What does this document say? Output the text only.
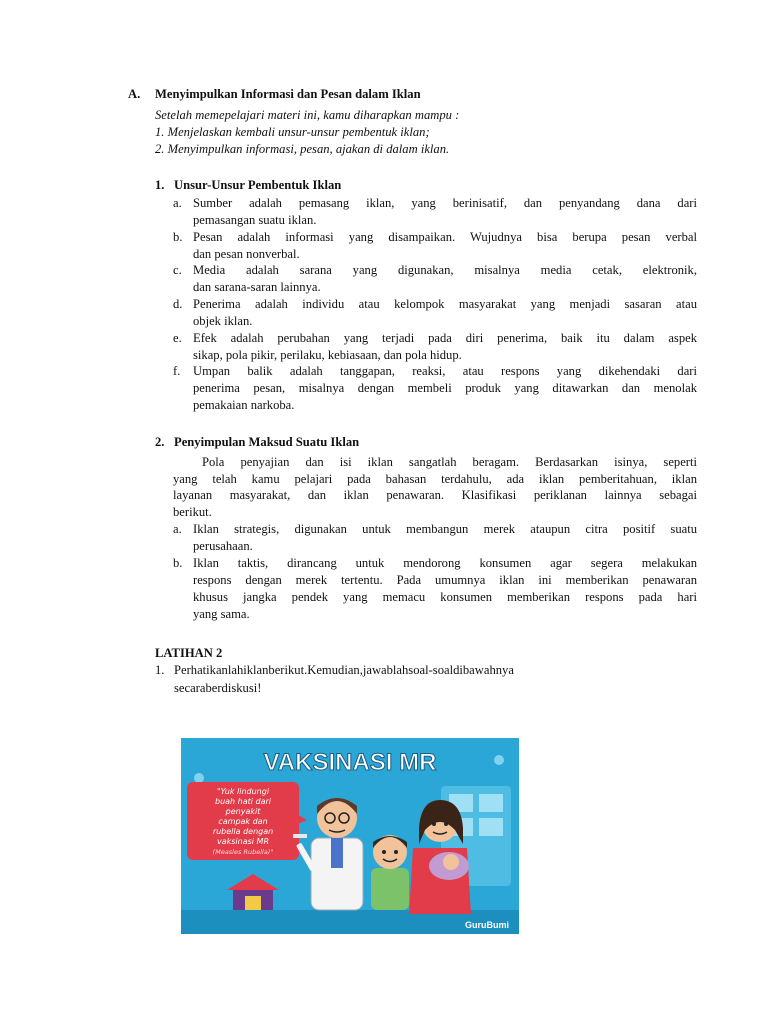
A. Menyimpulkan Informasi dan Pesan dalam Iklan
Setelah memepelajari materi ini, kamu diharapkan mampu :
1. Menjelaskan kembali unsur-unsur pembentuk iklan;
2. Menyimpulkan informasi, pesan, ajakan di dalam iklan.
1. Unsur-Unsur Pembentuk Iklan
a. Sumber adalah pemasang iklan, yang berinisatif, dan penyandang dana dari
pemasangan suatu iklan.
b. Pesan adalah informasi yang disampaikan. Wujudnya bisa berupa pesan verbal
dan pesan nonverbal.
c. Media adalah sarana yang digunakan, misalnya media cetak, elektronik,
dan sarana-saran lainnya.
d. Penerima adalah individu atau kelompok masyarakat yang menjadi sasaran atau
objek iklan.
e. Efek adalah perubahan yang terjadi pada diri penerima, baik itu dalam aspek
sikap, pola pikir, perilaku, kebiasaan, dan pola hidup.
f. Umpan balik adalah tanggapan, reaksi, atau respons yang dikehendaki dari
penerima pesan, misalnya dengan membeli produk yang ditawarkan dan menolak
pemakaian narkoba.
2. Penyimpulan Maksud Suatu Iklan
Pola penyajian dan isi iklan sangatlah beragam. Berdasarkan isinya, seperti
yang telah kamu pelajari pada bahasan terdahulu, ada iklan pemberitahuan, iklan
layanan masyarakat, dan iklan penawaran. Klasifikasi periklanan lainnya sebagai
berikut.
a. Iklan strategis, digunakan untuk membangun merek ataupun citra positif suatu
perusahaan.
b. Iklan taktis, dirancang untuk mendorong konsumen agar segera melakukan
respons dengan merek tertentu. Pada umumnya iklan ini memberikan penawaran
khusus jangka pendek yang memacu konsumen memberikan respons pada hari
yang sama.
LATIHAN 2
1. Perhatikanlahiklanberikut.Kemudian,jawablahsoal-soaldibawahnya
secaraberdiskusi!
VAKSINASI MR
"Yuk lindungi
buah hati dari
penyakit
campak dan
rubella dengan
vaksinasi MR
(Measles Rubella)"
GuruBumi
